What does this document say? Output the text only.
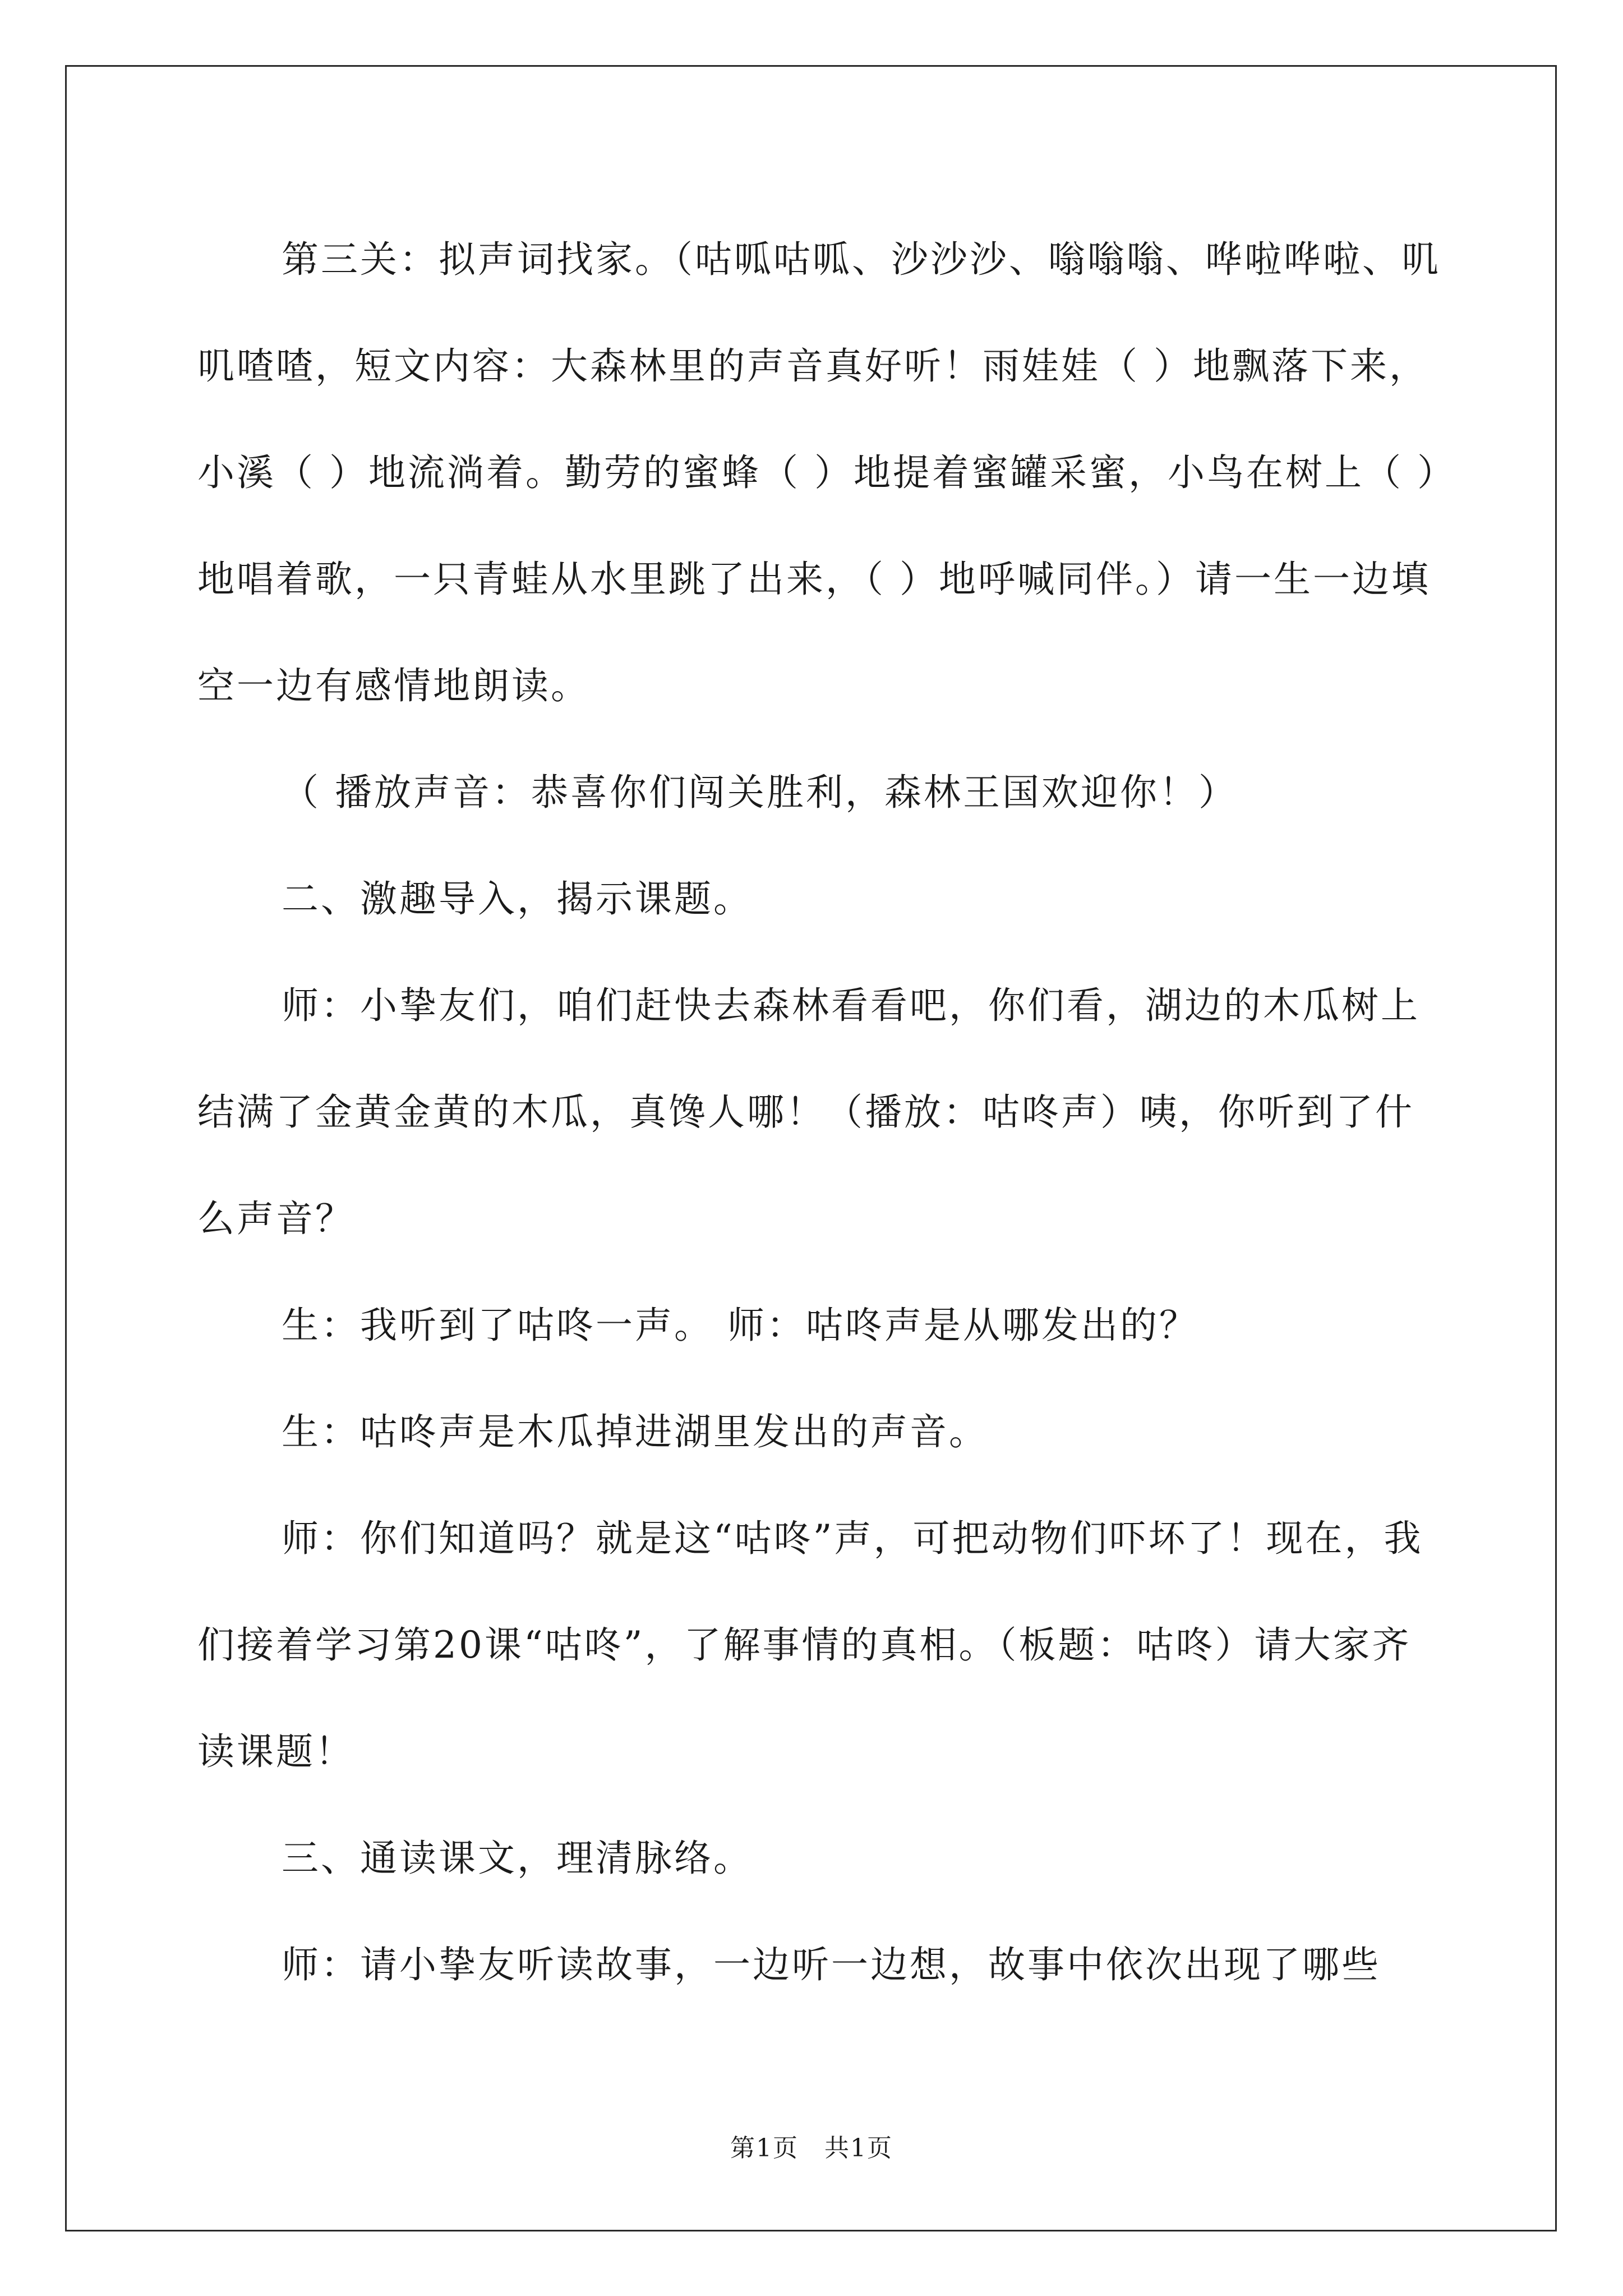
第三关：拟声词找家。（咕呱咕呱、沙沙沙、嗡嗡嗡、哗啦哗啦、叽叽喳喳，短文内容：大森林里的声音真好听！雨娃娃（ ）地飘落下来，小溪（ ）地流淌着。勤劳的蜜蜂（ ）地提着蜜罐采蜜，小鸟在树上（ ）地唱着歌，一只青蛙从水里跳了出来，（ ）地呼喊同伴。）请一生一边填空一边有感情地朗读。

（ 播放声音：恭喜你们闯关胜利，森林王国欢迎你！）

二、激趣导入，揭示课题。

师：小挚友们，咱们赶快去森林看看吧，你们看，湖边的木瓜树上结满了金黄金黄的木瓜，真馋人哪！（播放：咕咚声）咦，你听到了什么声音？

生：我听到了咕咚一声。 师：咕咚声是从哪发出的？

生：咕咚声是木瓜掉进湖里发出的声音。

师：你们知道吗？就是这“咕咚”声，可把动物们吓坏了！现在，我们接着学习第20课“咕咚”，了解事情的真相。（板题：咕咚）请大家齐读课题！

三、通读课文，理清脉络。

师：请小挚友听读故事，一边听一边想，故事中依次出现了哪些

第1页　共1页
